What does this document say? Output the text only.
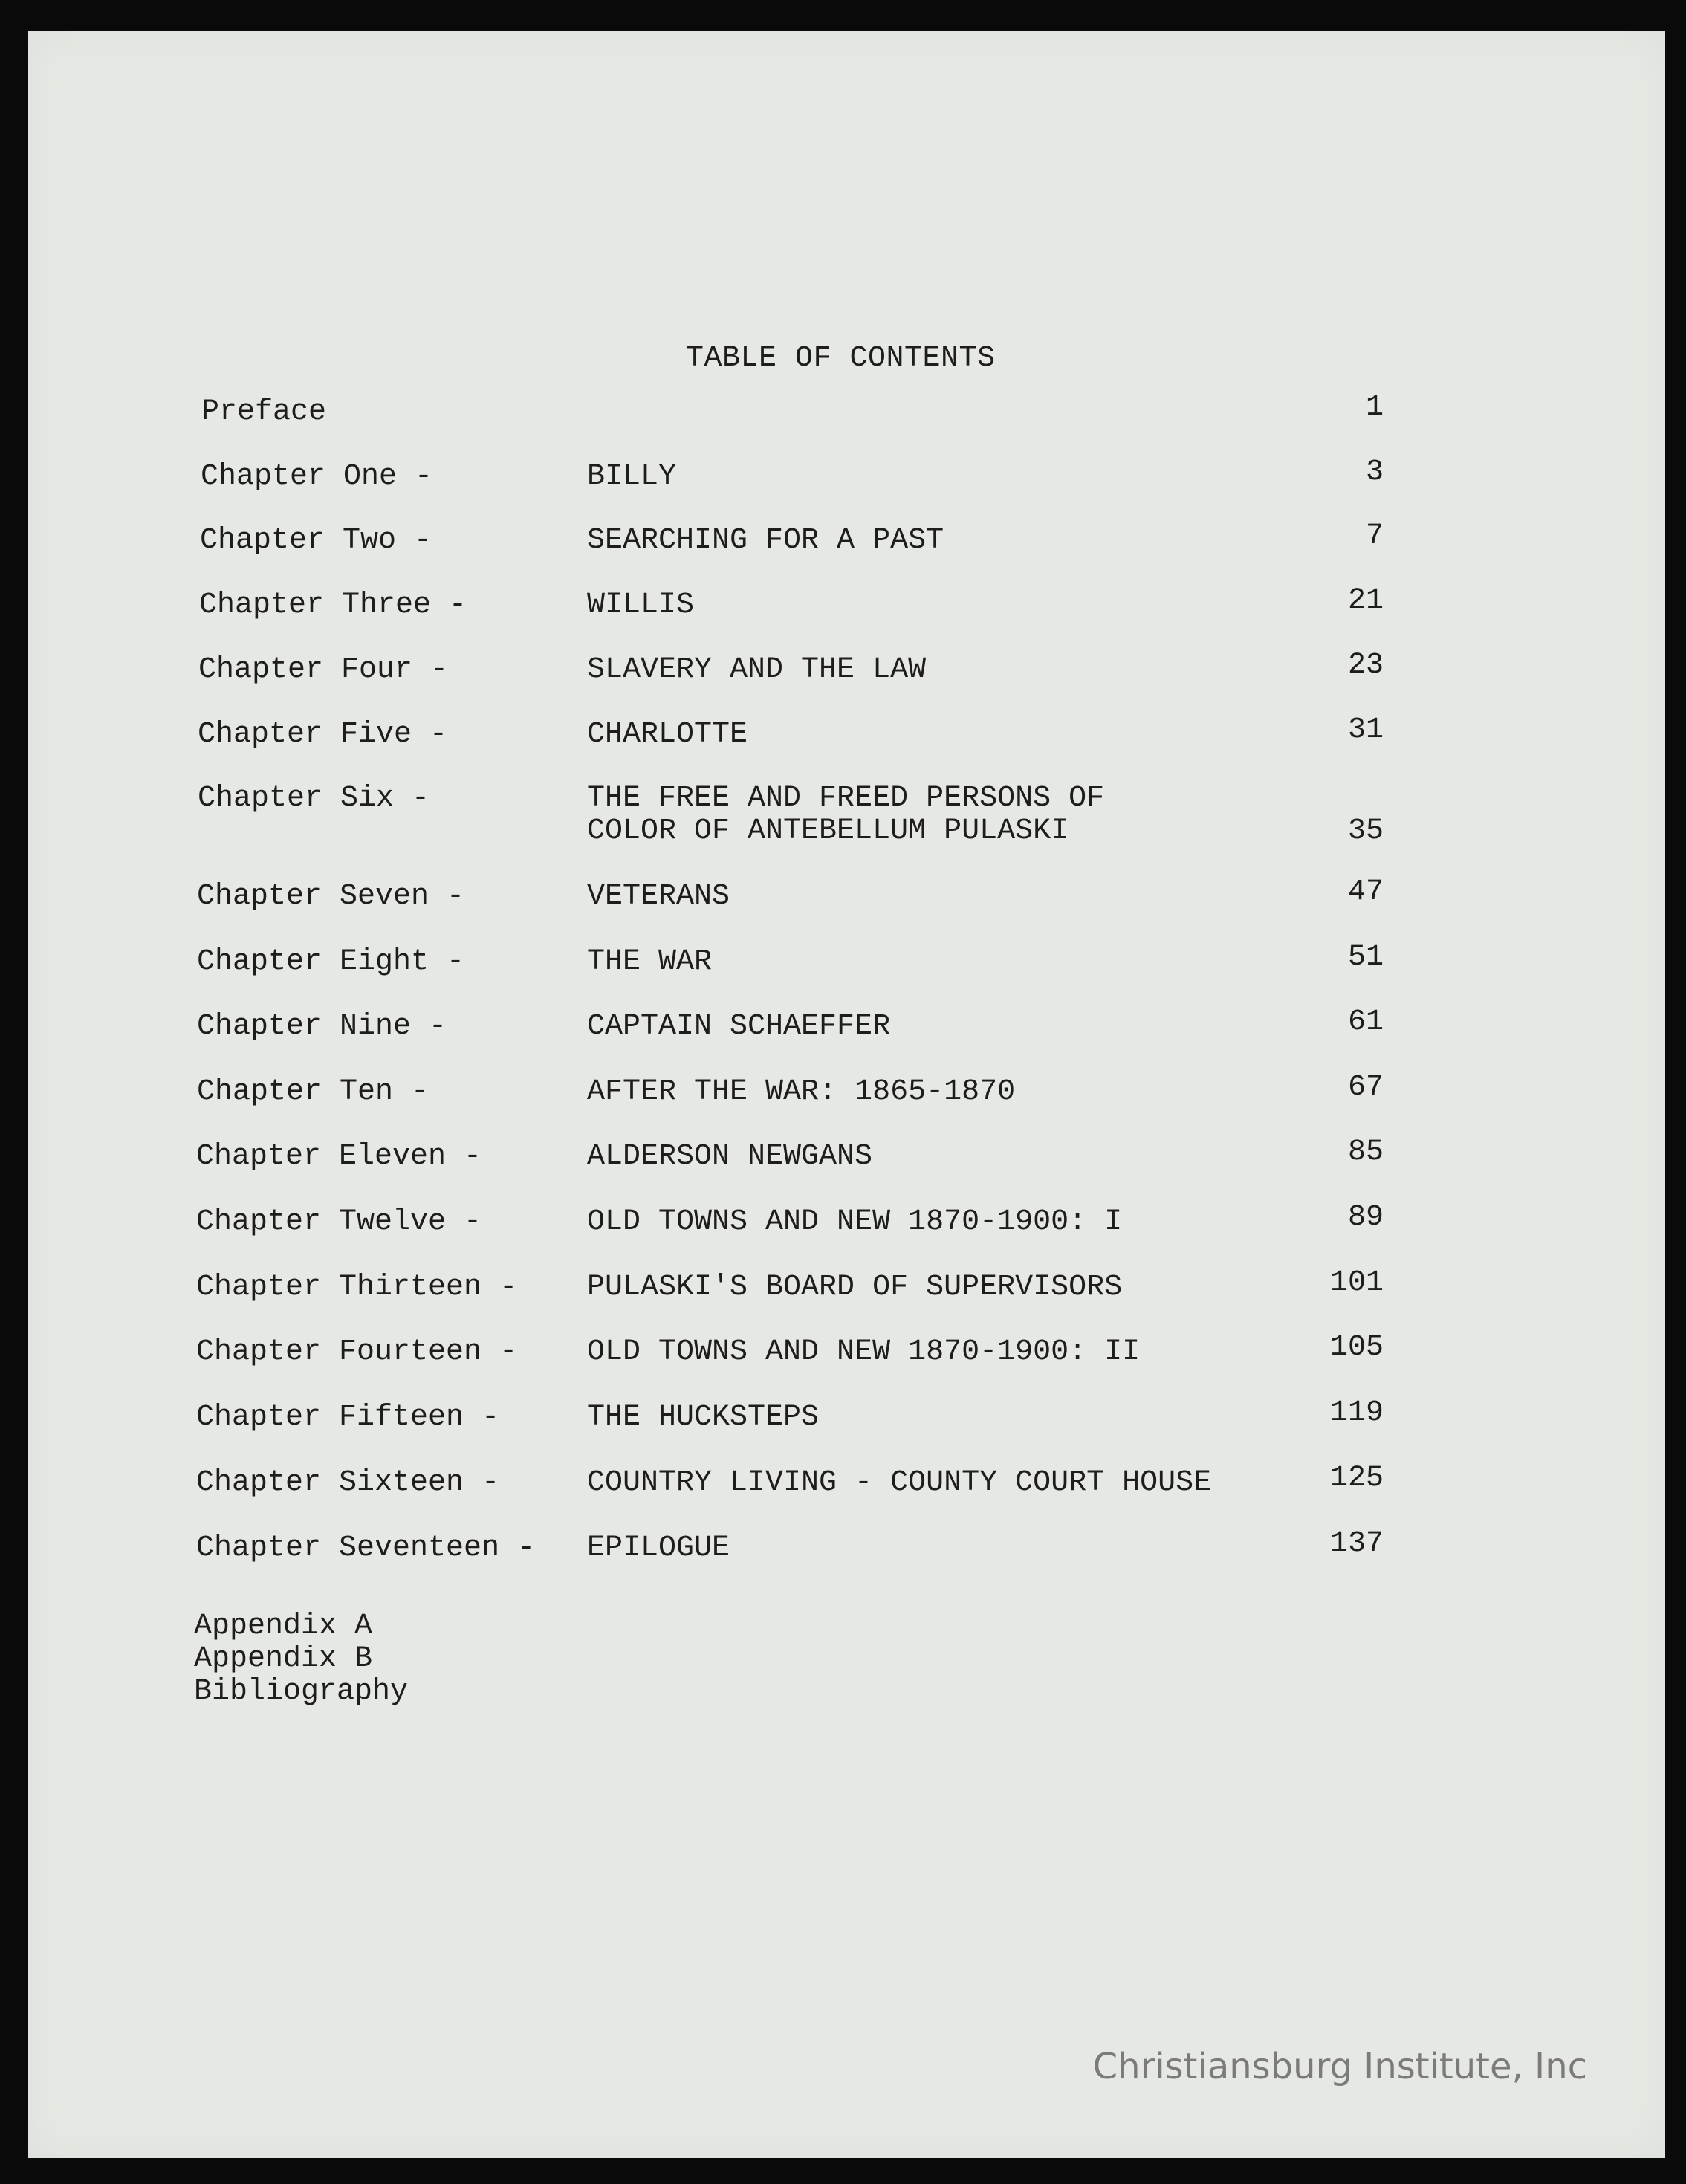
TABLE OF CONTENTS
Preface	1
Chapter One -	BILLY	3
Chapter Two -	SEARCHING FOR A PAST	7
Chapter Three -	WILLIS	21
Chapter Four -	SLAVERY AND THE LAW	23
Chapter Five -	CHARLOTTE	31
Chapter Six -	THE FREE AND FREED PERSONS OF
COLOR OF ANTEBELLUM PULASKI	35
Chapter Seven -	VETERANS	47
Chapter Eight -	THE WAR	51
Chapter Nine -	CAPTAIN SCHAEFFER	61
Chapter Ten -	AFTER THE WAR: 1865-1870	67
Chapter Eleven -	ALDERSON NEWGANS	85
Chapter Twelve -	OLD TOWNS AND NEW 1870-1900: I	89
Chapter Thirteen - PULASKI'S BOARD OF SUPERVISORS	101
Chapter Fourteen - OLD TOWNS AND NEW 1870-1900: II	105
Chapter Fifteen -	THE HUCKSTEPS	119
Chapter Sixteen -	COUNTRY LIVING - COUNTY COURT HOUSE	125
Chapter Seventeen - EPILOGUE	137
Appendix A
Appendix B
Bibliography
Christiansburg Institute, Inc
